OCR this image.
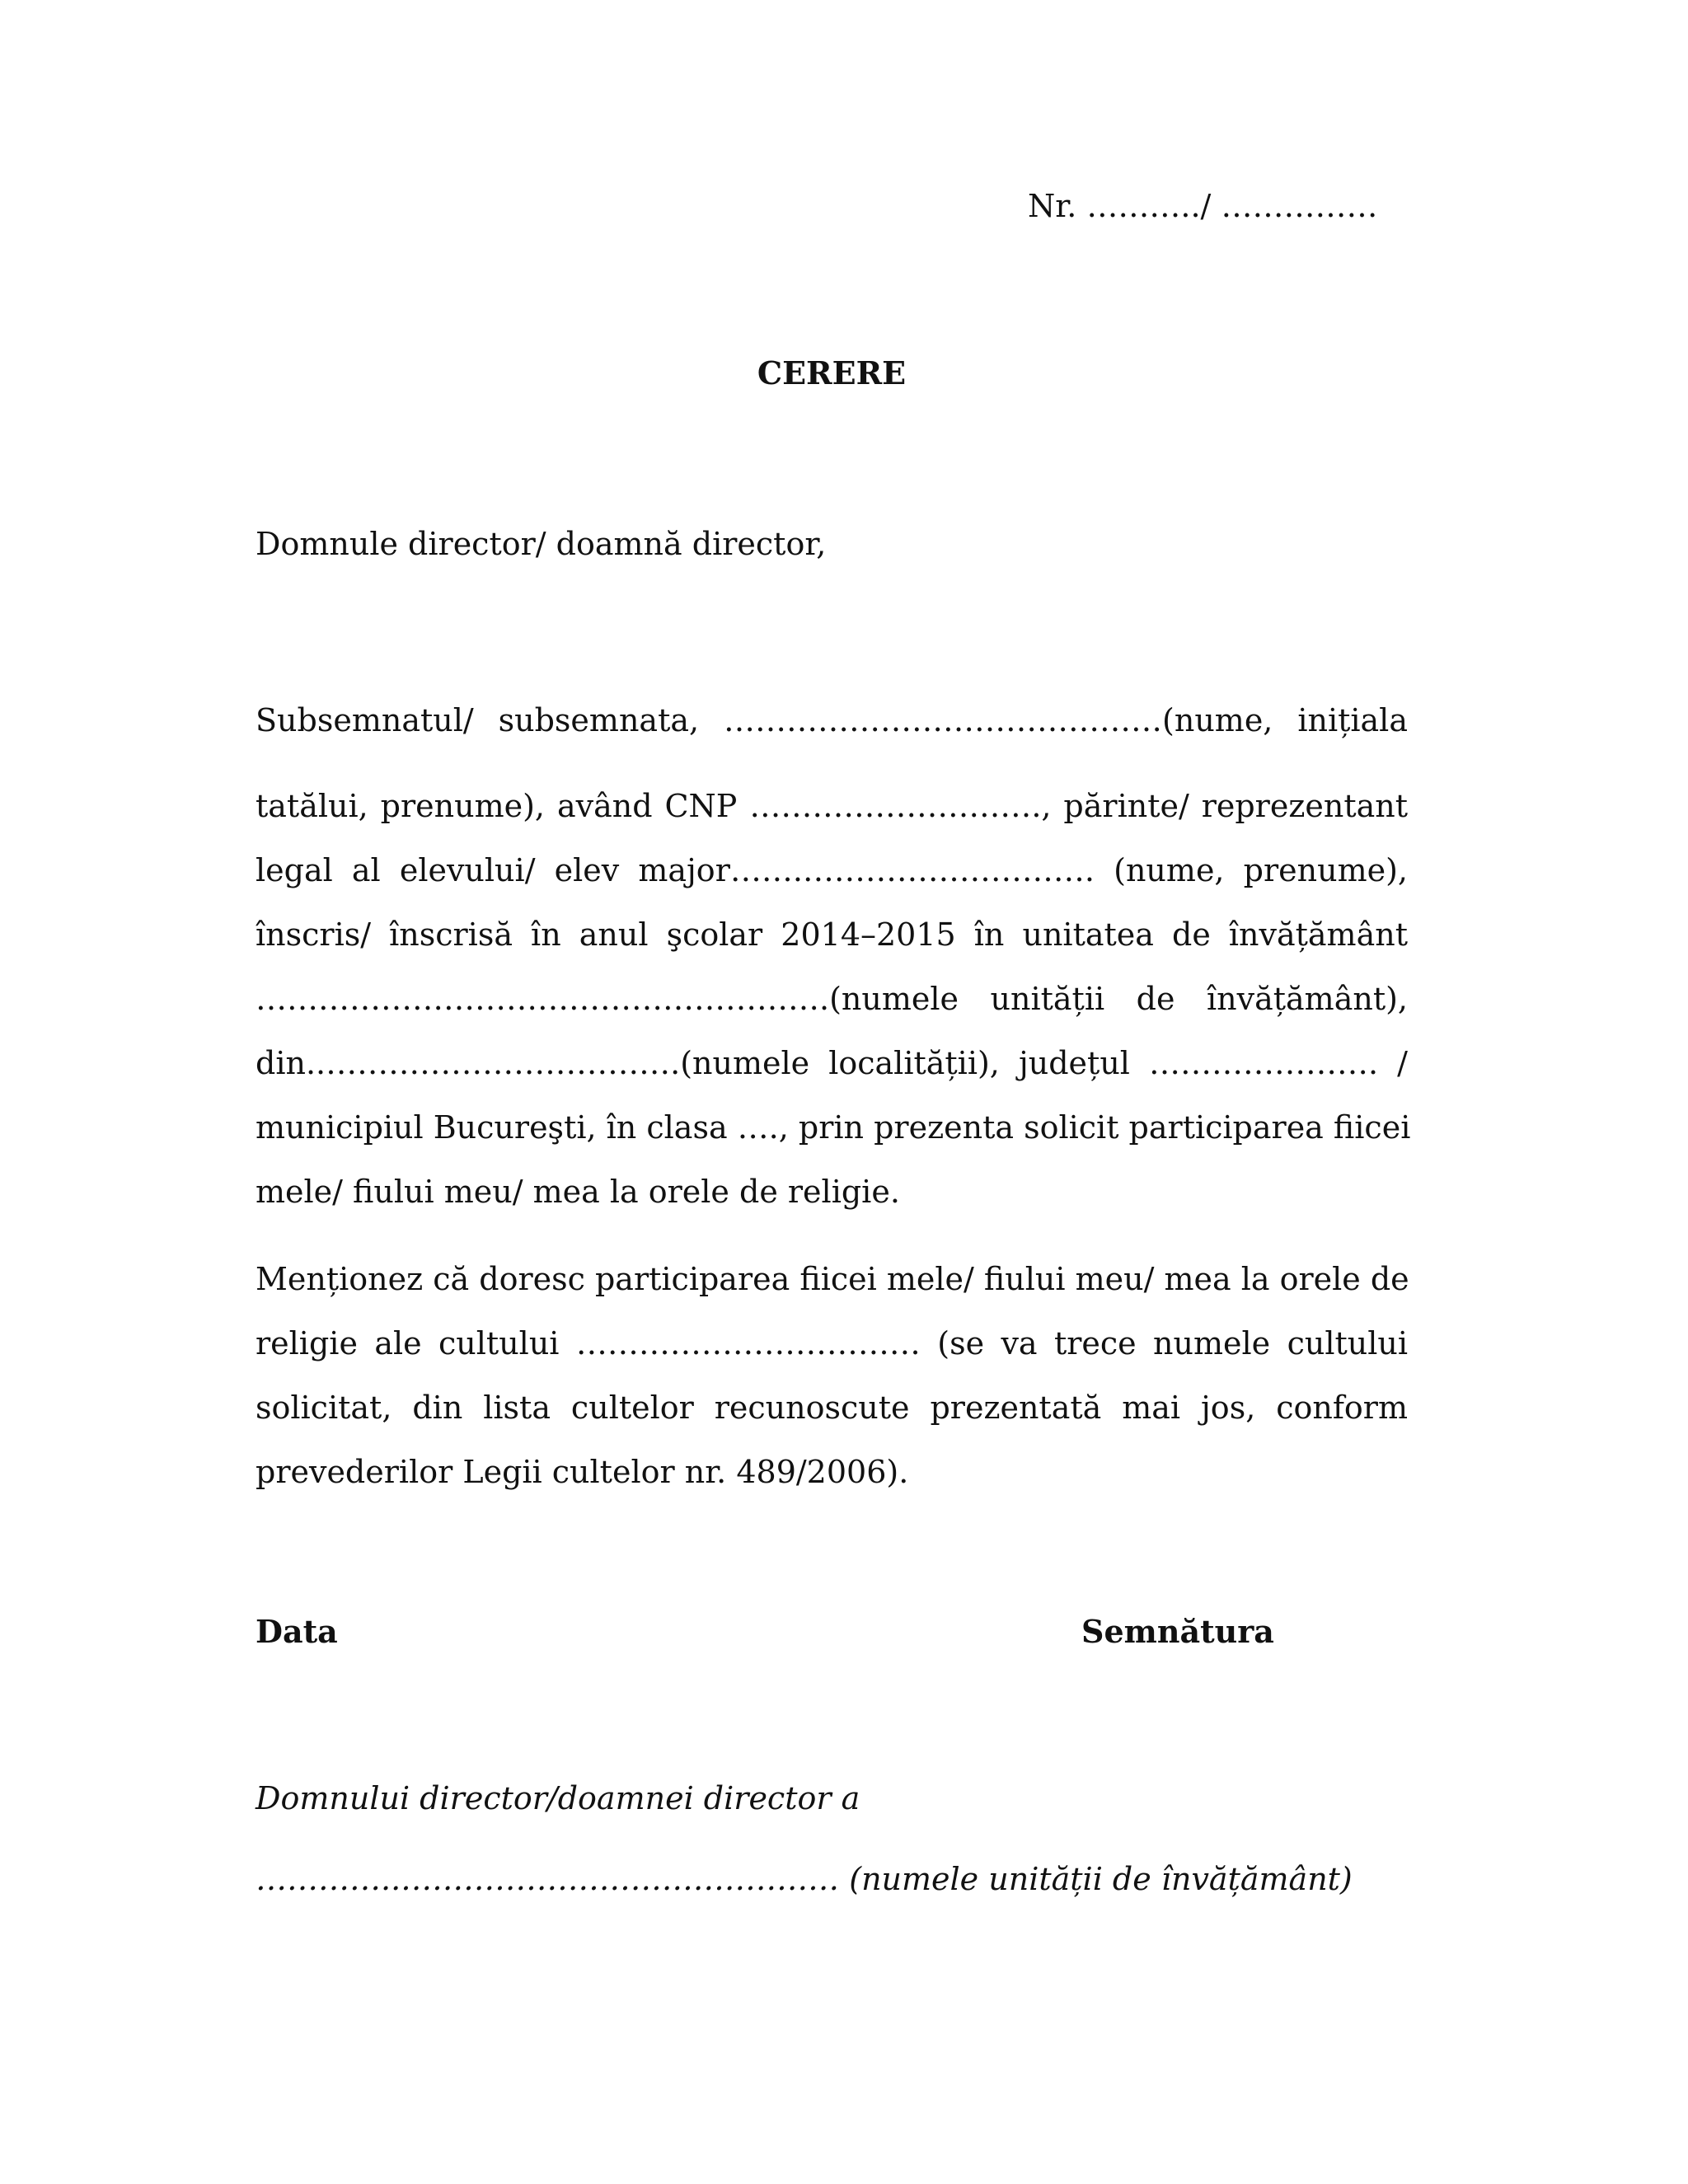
Nr. ………../ ……………

CERERE

Domnule director/ doamnă director,

Subsemnatul/ subsemnata, ……………………………………(nume, inițiala
tatălui, prenume), având CNP ………………………., părinte/ reprezentant
legal al elevului/ elev major…….………………………. (nume, prenume),
înscris/ înscrisă în anul şcolar 2014–2015 în unitatea de învățământ
……………………………………………….(numele unității de învățământ),
din..…………………………….(numele localității), județul …………………. /
municipiul Bucureşti, în clasa …., prin prezenta solicit participarea fiicei
mele/ fiului meu/ mea la orele de religie.
Menționez că doresc participarea fiicei mele/ fiului meu/ mea la orele de
religie ale cultului …………………………… (se va trece numele cultului
solicitat, din lista cultelor recunoscute prezentată mai jos, conform
prevederilor Legii cultelor nr. 489/2006).

Data	Semnătura

Domnului director/doamnei director a

…………..…………………………………… (numele unității de învățământ)
